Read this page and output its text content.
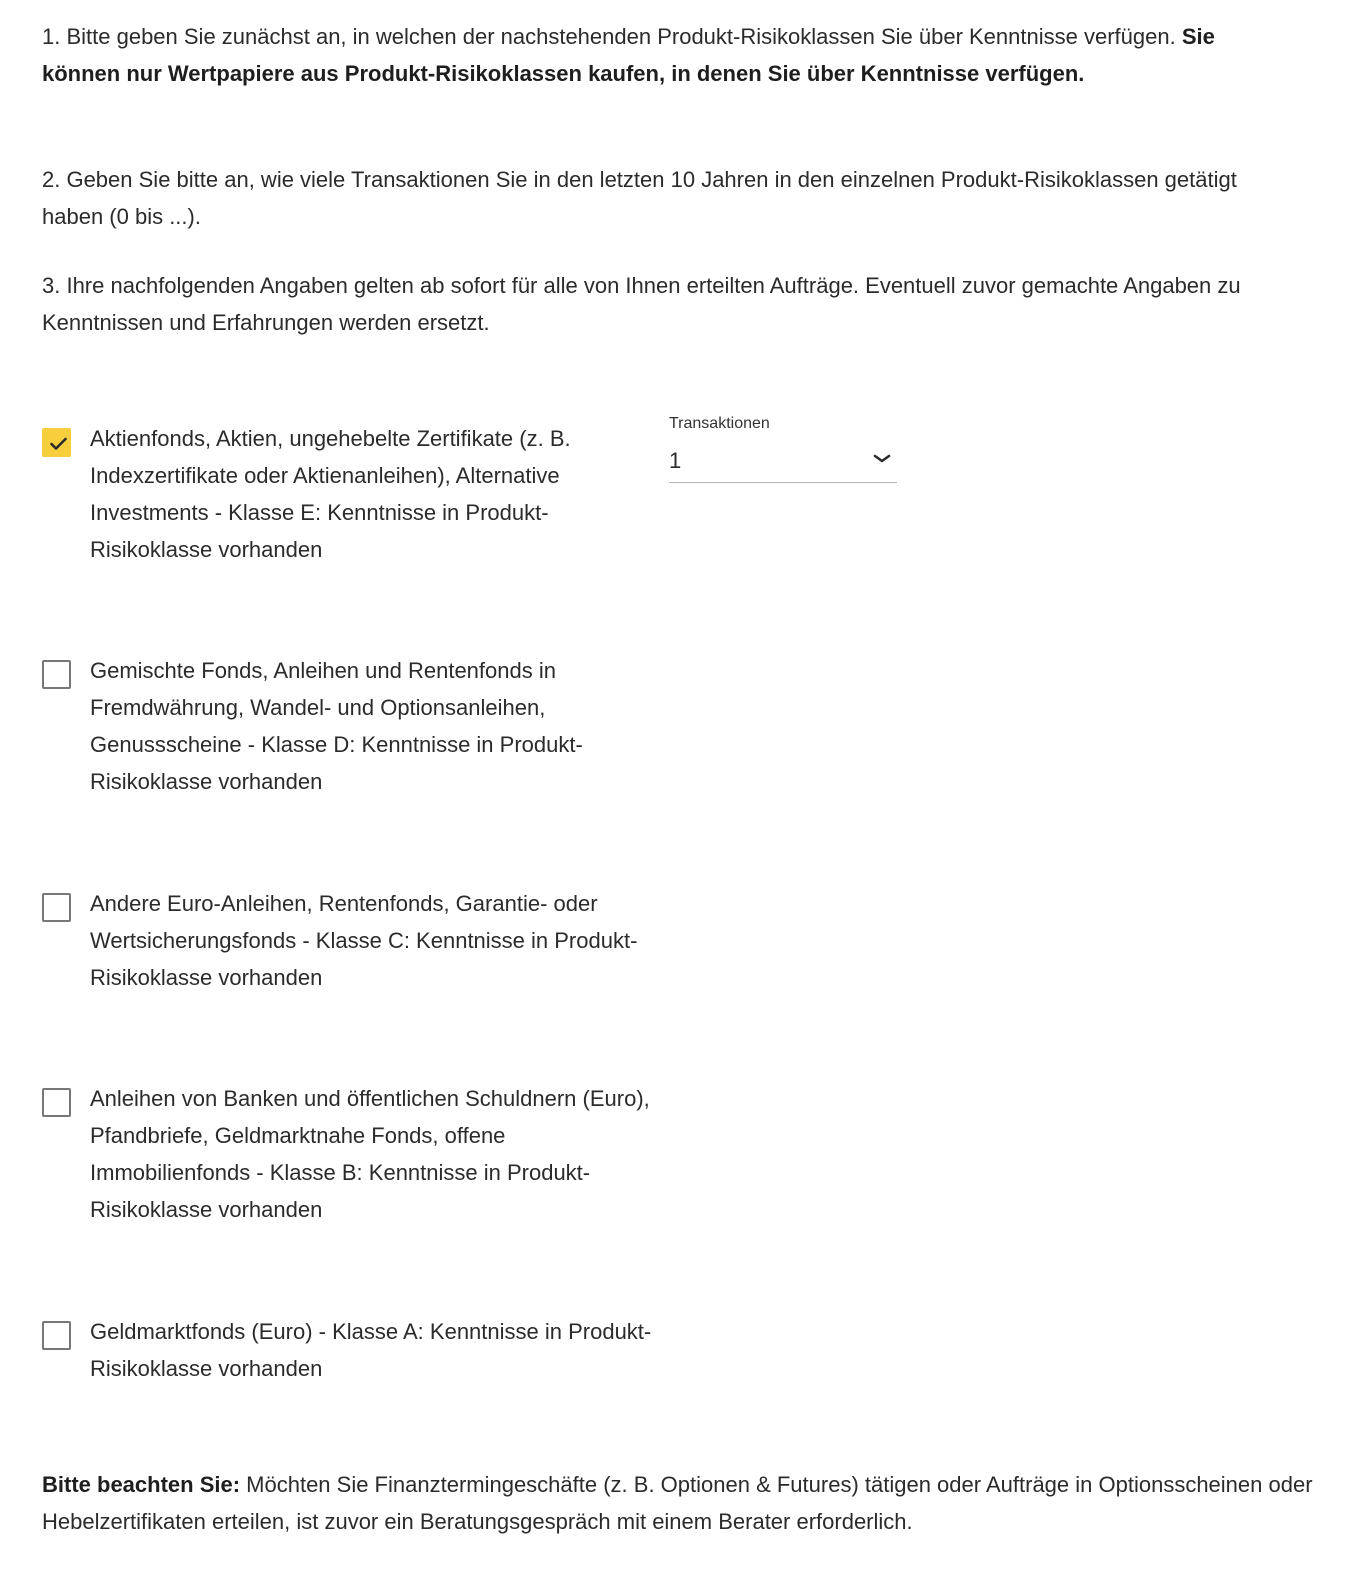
1. Bitte geben Sie zunächst an, in welchen der nachstehenden Produkt-Risikoklassen Sie über Kenntnisse verfügen. Sie können nur Wertpapiere aus Produkt-Risikoklassen kaufen, in denen Sie über Kenntnisse verfügen.

2. Geben Sie bitte an, wie viele Transaktionen Sie in den letzten 10 Jahren in den einzelnen Produkt-Risikoklassen getätigt haben (0 bis ...).

3. Ihre nachfolgenden Angaben gelten ab sofort für alle von Ihnen erteilten Aufträge. Eventuell zuvor gemachte Angaben zu Kenntnissen und Erfahrungen werden ersetzt.

Aktienfonds, Aktien, ungehebelte Zertifikate (z. B. Indexzertifikate oder Aktienanleihen), Alternative Investments - Klasse E: Kenntnisse in Produkt-Risikoklasse vorhanden
Transaktionen
1
Gemischte Fonds, Anleihen und Rentenfonds in Fremdwährung, Wandel- und Optionsanleihen, Genussscheine - Klasse D: Kenntnisse in Produkt-Risikoklasse vorhanden
Andere Euro-Anleihen, Rentenfonds, Garantie- oder Wertsicherungsfonds - Klasse C: Kenntnisse in Produkt-Risikoklasse vorhanden
Anleihen von Banken und öffentlichen Schuldnern (Euro), Pfandbriefe, Geldmarktnahe Fonds, offene Immobilienfonds - Klasse B: Kenntnisse in Produkt-Risikoklasse vorhanden
Geldmarktfonds (Euro) - Klasse A: Kenntnisse in Produkt-Risikoklasse vorhanden

Bitte beachten Sie: Möchten Sie Finanztermingeschäfte (z. B. Optionen & Futures) tätigen oder Aufträge in Optionsscheinen oder Hebelzertifikaten erteilen, ist zuvor ein Beratungsgespräch mit einem Berater erforderlich.
